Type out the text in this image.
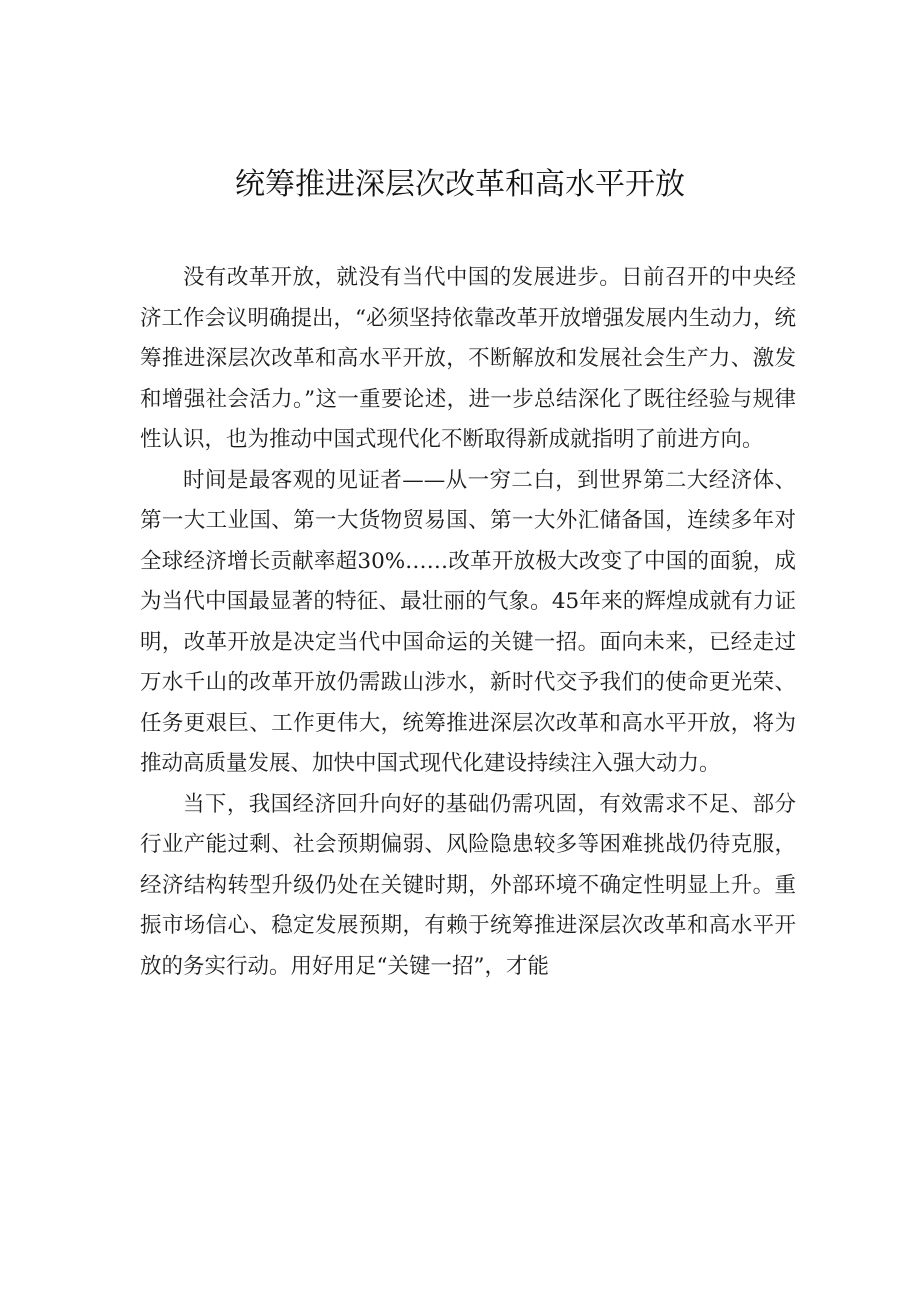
统筹推进深层次改革和高水平开放

没有改革开放，就没有当代中国的发展进步。日前召开的中央经济工作会议明确提出，“必须坚持依靠改革开放增强发展内生动力，统筹推进深层次改革和高水平开放，不断解放和发展社会生产力、激发和增强社会活力。”这一重要论述，进一步总结深化了既往经验与规律性认识，也为推动中国式现代化不断取得新成就指明了前进方向。

时间是最客观的见证者——从一穷二白，到世界第二大经济体、第一大工业国、第一大货物贸易国、第一大外汇储备国，连续多年对全球经济增长贡献率超30%……改革开放极大改变了中国的面貌，成为当代中国最显著的特征、最壮丽的气象。45年来的辉煌成就有力证明，改革开放是决定当代中国命运的关键一招。面向未来，已经走过万水千山的改革开放仍需跋山涉水，新时代交予我们的使命更光荣、任务更艰巨、工作更伟大，统筹推进深层次改革和高水平开放，将为推动高质量发展、加快中国式现代化建设持续注入强大动力。

当下，我国经济回升向好的基础仍需巩固，有效需求不足、部分行业产能过剩、社会预期偏弱、风险隐患较多等困难挑战仍待克服，经济结构转型升级仍处在关键时期，外部环境不确定性明显上升。重振市场信心、稳定发展预期，有赖于统筹推进深层次改革和高水平开放的务实行动。用好用足“关键一招”，才能
